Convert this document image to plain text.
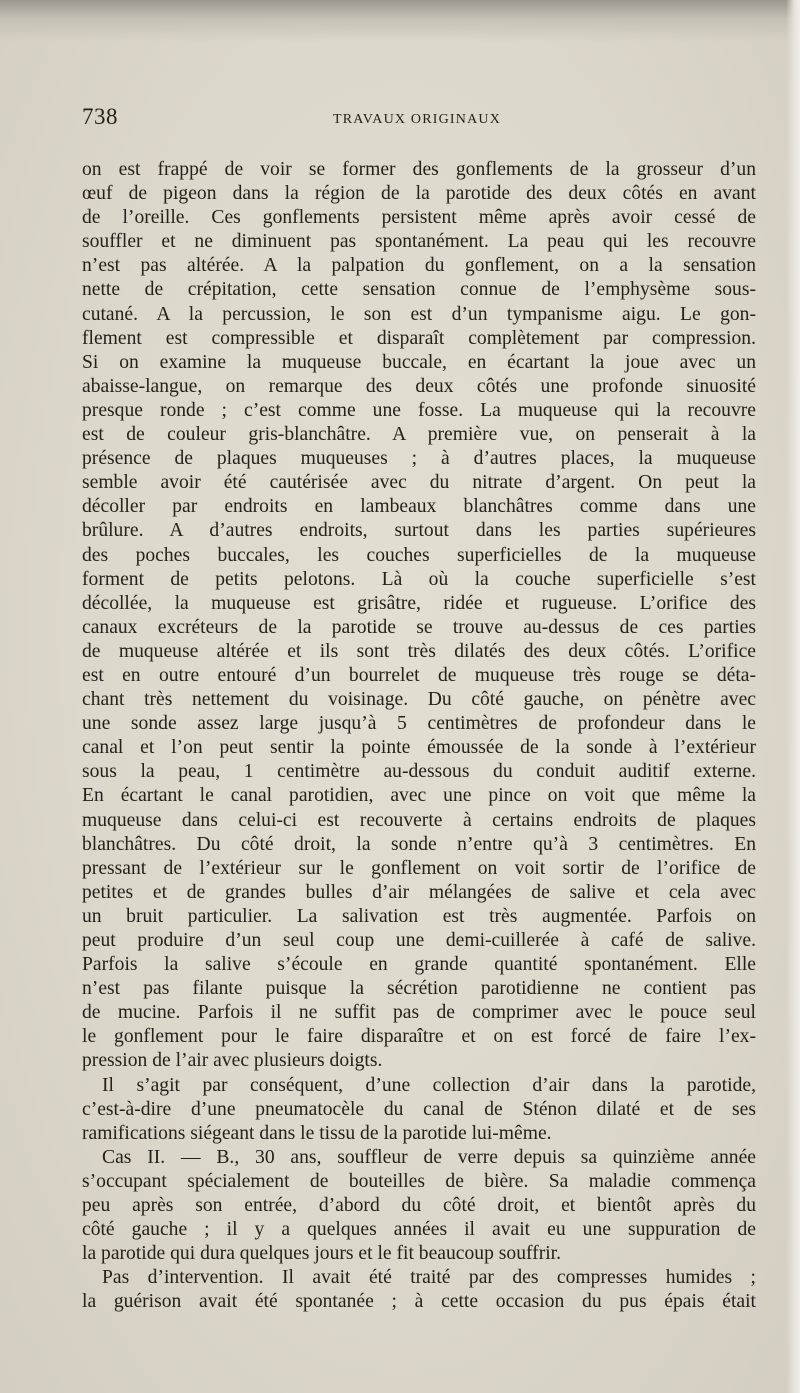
738	TRAVAUX ORIGINAUX
on est frappé de voir se former des gonflements de la grosseur d’un
œuf de pigeon dans la région de la parotide des deux côtés en avant
de l’oreille. Ces gonflements persistent même après avoir cessé de
souffler et ne diminuent pas spontanément. La peau qui les recouvre
n’est pas altérée. A la palpation du gonflement, on a la sensation
nette de crépitation, cette sensation connue de l’emphysème sous-
cutané. A la percussion, le son est d’un tympanisme aigu. Le gon-
flement est compressible et disparaît complètement par compression.
Si on examine la muqueuse buccale, en écartant la joue avec un
abaisse-langue, on remarque des deux côtés une profonde sinuosité
presque ronde ; c’est comme une fosse. La muqueuse qui la recouvre
est de couleur gris-blanchâtre. A première vue, on penserait à la
présence de plaques muqueuses ; à d’autres places, la muqueuse
semble avoir été cautérisée avec du nitrate d’argent. On peut la
décoller par endroits en lambeaux blanchâtres comme dans une
brûlure. A d’autres endroits, surtout dans les parties supérieures
des poches buccales, les couches superficielles de la muqueuse
forment de petits pelotons. Là où la couche superficielle s’est
décollée, la muqueuse est grisâtre, ridée et rugueuse. L’orifice des
canaux excréteurs de la parotide se trouve au-dessus de ces parties
de muqueuse altérée et ils sont très dilatés des deux côtés. L’orifice
est en outre entouré d’un bourrelet de muqueuse très rouge se déta-
chant très nettement du voisinage. Du côté gauche, on pénètre avec
une sonde assez large jusqu’à 5 centimètres de profondeur dans le
canal et l’on peut sentir la pointe émoussée de la sonde à l’extérieur
sous la peau, 1 centimètre au-dessous du conduit auditif externe.
En écartant le canal parotidien, avec une pince on voit que même la
muqueuse dans celui-ci est recouverte à certains endroits de plaques
blanchâtres. Du côté droit, la sonde n’entre qu’à 3 centimètres. En
pressant de l’extérieur sur le gonflement on voit sortir de l’orifice de
petites et de grandes bulles d’air mélangées de salive et cela avec
un bruit particulier. La salivation est très augmentée. Parfois on
peut produire d’un seul coup une demi-cuillerée à café de salive.
Parfois la salive s’écoule en grande quantité spontanément. Elle
n’est pas filante puisque la sécrétion parotidienne ne contient pas
de mucine. Parfois il ne suffit pas de comprimer avec le pouce seul
le gonflement pour le faire disparaître et on est forcé de faire l’ex-
pression de l’air avec plusieurs doigts.
Il s’agit par conséquent, d’une collection d’air dans la parotide,
c’est-à-dire d’une pneumatocèle du canal de Sténon dilaté et de ses
ramifications siégeant dans le tissu de la parotide lui-même.
Cas II. — B., 30 ans, souffleur de verre depuis sa quinzième année
s’occupant spécialement de bouteilles de bière. Sa maladie commença
peu après son entrée, d’abord du côté droit, et bientôt après du
côté gauche ; il y a quelques années il avait eu une suppuration de
la parotide qui dura quelques jours et le fit beaucoup souffrir.
Pas d’intervention. Il avait été traité par des compresses humides ;
la guérison avait été spontanée ; à cette occasion du pus épais était
